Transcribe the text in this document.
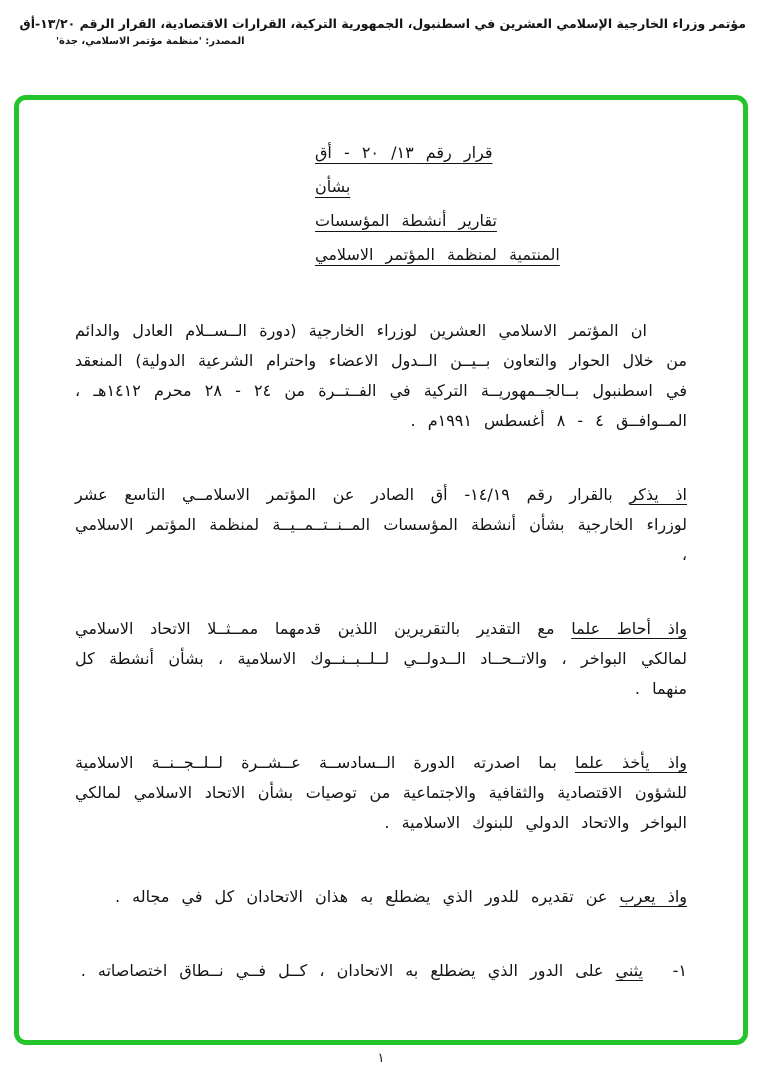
مؤتمر وزراء الخارجية الإسلامي العشرين في اسطنبول، الجمهورية التركية، القرارات الاقتصادية، القرار الرقم ١٣/٢٠-أق
المصدر: 'منظمة مؤتمر الاسلامي، جدة'
قرار رقم ١٣/ ٢٠ - أق
بشأن
تقارير أنشطة المؤسسات
المنتمية لمنظمة المؤتمر الاسلامي

ان المؤتمر الاسلامي العشرين لوزراء الخارجية (دورة الــســلام العادل والدائم من خلال الحوار والتعاون بــيــن الــدول الاعضاء واحترام الشرعية الدولية) المنعقد في اسطنبول بــالجــمهوريــة التركية في الفــتــرة من ٢٤ - ٢٨ محرم ١٤١٢هـ ، المــوافــق ٤ - ٨ أغسطس ١٩٩١م .

اذ يذكر بالقرار رقم ١٤/١٩- أق الصادر عن المؤتمر الاسلامــي التاسع عشر لوزراء الخارجية بشأن أنشطة المؤسسات المــنــتــمــيــة لمنظمة المؤتمر الاسلامي ،

واذ أحاط علما مع التقدير بالتقريرين اللذين قدمهما ممــثــلا الاتحاد الاسلامي لمالكي البواخر ، والاتــحــاد الــدولــي لــلــبــنــوك الاسلامية ، بشأن أنشطة كل منهما .

واذ يأخذ علما بما اصدرته الدورة الــسادســة عــشــرة لــلــجــنــة الاسلامية للشؤون الاقتصادية والثقافية والاجتماعية من توصيات بشأن الاتحاد الاسلامي لمالكي البواخر والاتحاد الدولي للبنوك الاسلامية .

واذ يعرب عن تقديره للدور الذي يضطلع به هذان الاتحادان كل في مجاله .

١-
يثني على الدور الذي يضطلع به الاتحادان ، كــل فــي نــطاق اختصاصاته .
١
